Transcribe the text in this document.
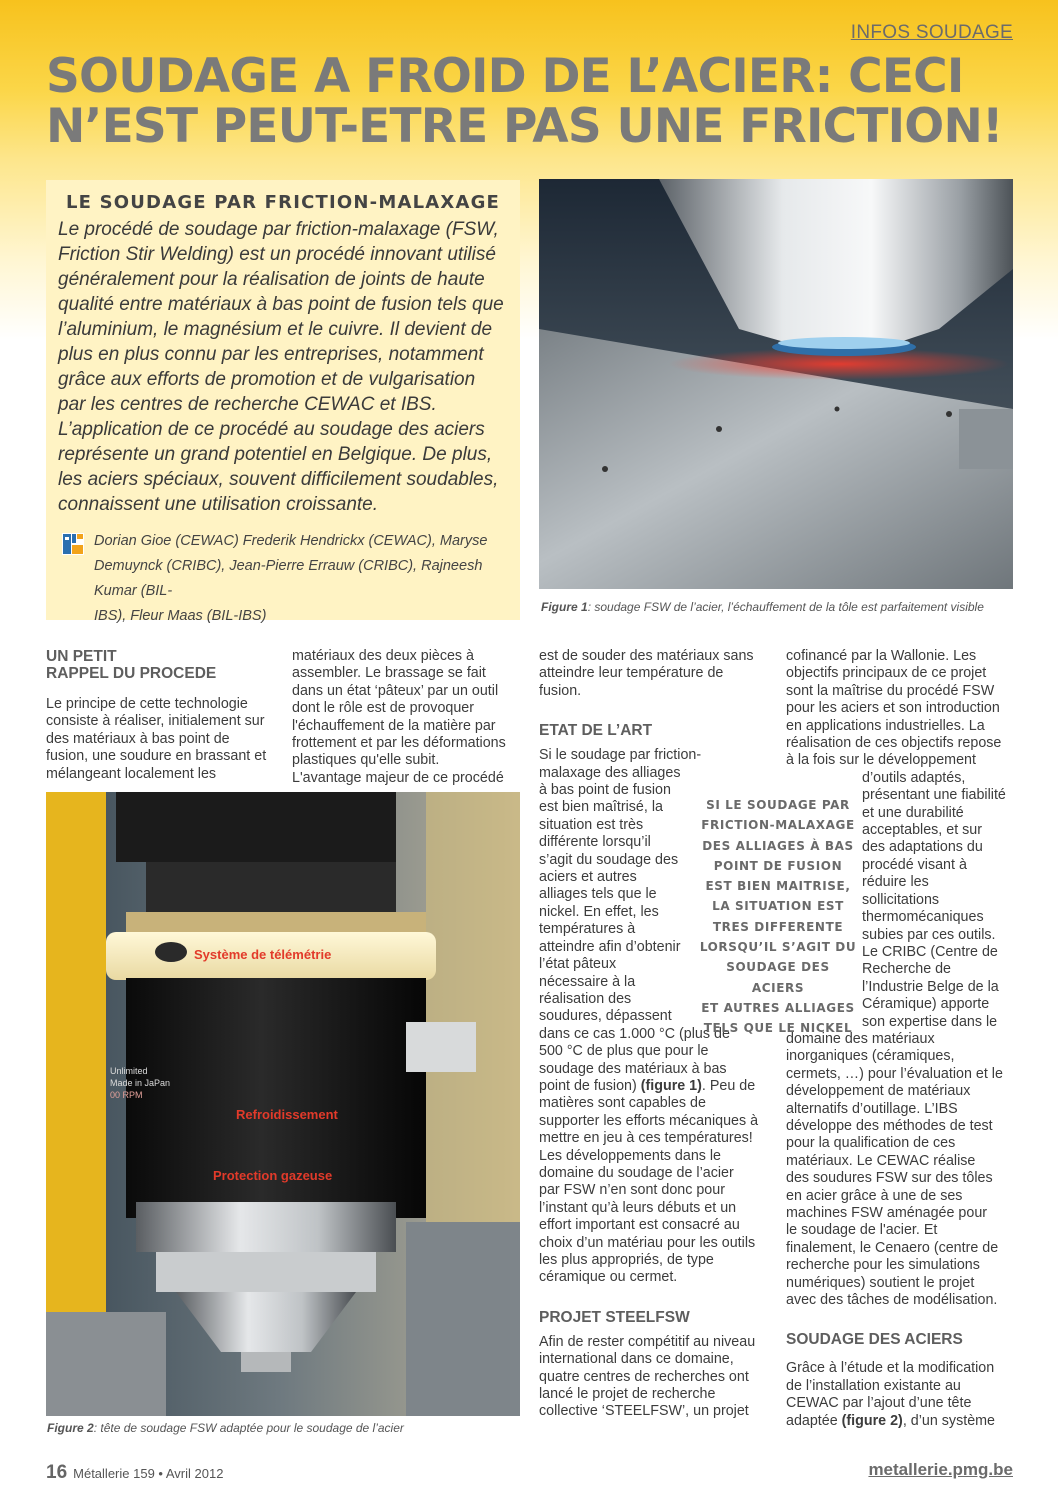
INFOS SOUDAGE
SOUDAGE A FROID DE L’ACIER: CECI
N’EST PEUT-ETRE PAS UNE FRICTION!
LE SOUDAGE PAR FRICTION-MALAXAGE

Le procédé de soudage par friction-malaxage (FSW,
Friction Stir Welding) est un procédé innovant utilisé
généralement pour la réalisation de joints de haute
qualité entre matériaux à bas point de fusion tels que
l’aluminium, le magnésium et le cuivre. Il devient de
plus en plus connu par les entreprises, notamment
grâce aux efforts de promotion et de vulgarisation
par les centres de recherche CEWAC et IBS.
L’application de ce procédé au soudage des aciers
représente un grand potentiel en Belgique. De plus,
les aciers spéciaux, souvent difficilement soudables,
connaissent une utilisation croissante.

Dorian Gioe (CEWAC) Frederik Hendrickx (CEWAC), Maryse
Demuynck (CRIBC), Jean-Pierre Errauw (CRIBC), Rajneesh Kumar (BIL-
IBS), Fleur Maas (BIL-IBS)

Figure 1: soudage FSW de l’acier, l’échauffement de la tôle est parfaitement visible
Système de télémétrie
Refroidissement
Protection gazeuse
Unlimited
Made in JaPan
00 RPM
Figure 2: tête de soudage FSW adaptée pour le soudage de l’acier
UN PETIT
RAPPEL DU PROCEDE

Le principe de cette technologie
consiste à réaliser, initialement sur
des matériaux à bas point de
fusion, une soudure en brassant et
mélangeant localement les

matériaux des deux pièces à
assembler. Le brassage se fait
dans un état ‘pâteux’ par un outil
dont le rôle est de provoquer
l'échauffement de la matière par
frottement et par les déformations
plastiques qu'elle subit.
L'avantage majeur de ce procédé

est de souder des matériaux sans
atteindre leur température de
fusion.

ETAT DE L’ART

Si le soudage par friction-
malaxage des alliages
à bas point de fusion
est bien maîtrisé, la
situation est très
différente lorsqu’il
s’agit du soudage des
aciers et autres
alliages tels que le
nickel. En effet, les
températures à
atteindre afin d’obtenir
l’état pâteux
nécessaire à la
réalisation des
soudures, dépassent
dans ce cas 1.000 °C (plus de
500 °C de plus que pour le
soudage des matériaux à bas
point de fusion) (figure 1). Peu de
matières sont capables de
supporter les efforts mécaniques à
mettre en jeu à ces températures!
Les développements dans le
domaine du soudage de l’acier
par FSW n’en sont donc pour
l’instant qu’à leurs débuts et un
effort important est consacré au
choix d’un matériau pour les outils
les plus appropriés, de type
céramique ou cermet.

PROJET STEELFSW

Afin de rester compétitif au niveau
international dans ce domaine,
quatre centres de recherches ont
lancé le projet de recherche
collective ‘STEELFSW’, un projet

SI LE SOUDAGE PAR
FRICTION-MALAXAGE
DES ALLIAGES À BAS
POINT DE FUSION
EST BIEN MAITRISE,
LA SITUATION EST
TRES DIFFERENTE
LORSQU’IL S’AGIT DU
SOUDAGE DES ACIERS
ET AUTRES ALLIAGES
TELS QUE LE NICKEL

cofinancé par la Wallonie. Les
objectifs principaux de ce projet
sont la maîtrise du procédé FSW
pour les aciers et son introduction
en applications industrielles. La
réalisation de ces objectifs repose
à la fois sur le développement

d’outils adaptés,
présentant une fiabilité
et une durabilité
acceptables, et sur
des adaptations du
procédé visant à
réduire les
sollicitations
thermomécaniques
subies par ces outils.
Le CRIBC (Centre de
Recherche de
l’Industrie Belge de la
Céramique) apporte
son expertise dans le

domaine des matériaux
inorganiques (céramiques,
cermets, …) pour l’évaluation et le
développement de matériaux
alternatifs d’outillage. L’IBS
développe des méthodes de test
pour la qualification de ces
matériaux. Le CEWAC réalise
des soudures FSW sur des tôles
en acier grâce à une de ses
machines FSW aménagée pour
le soudage de l'acier. Et
finalement, le Cenaero (centre de
recherche pour les simulations
numériques) soutient le projet
avec des tâches de modélisation.

SOUDAGE DES ACIERS

Grâce à l’étude et la modification
de l’installation existante au
CEWAC par l’ajout d’une tête
adaptée (figure 2), d’un système

16 Métallerie 159 • Avril 2012	metallerie.pmg.be
